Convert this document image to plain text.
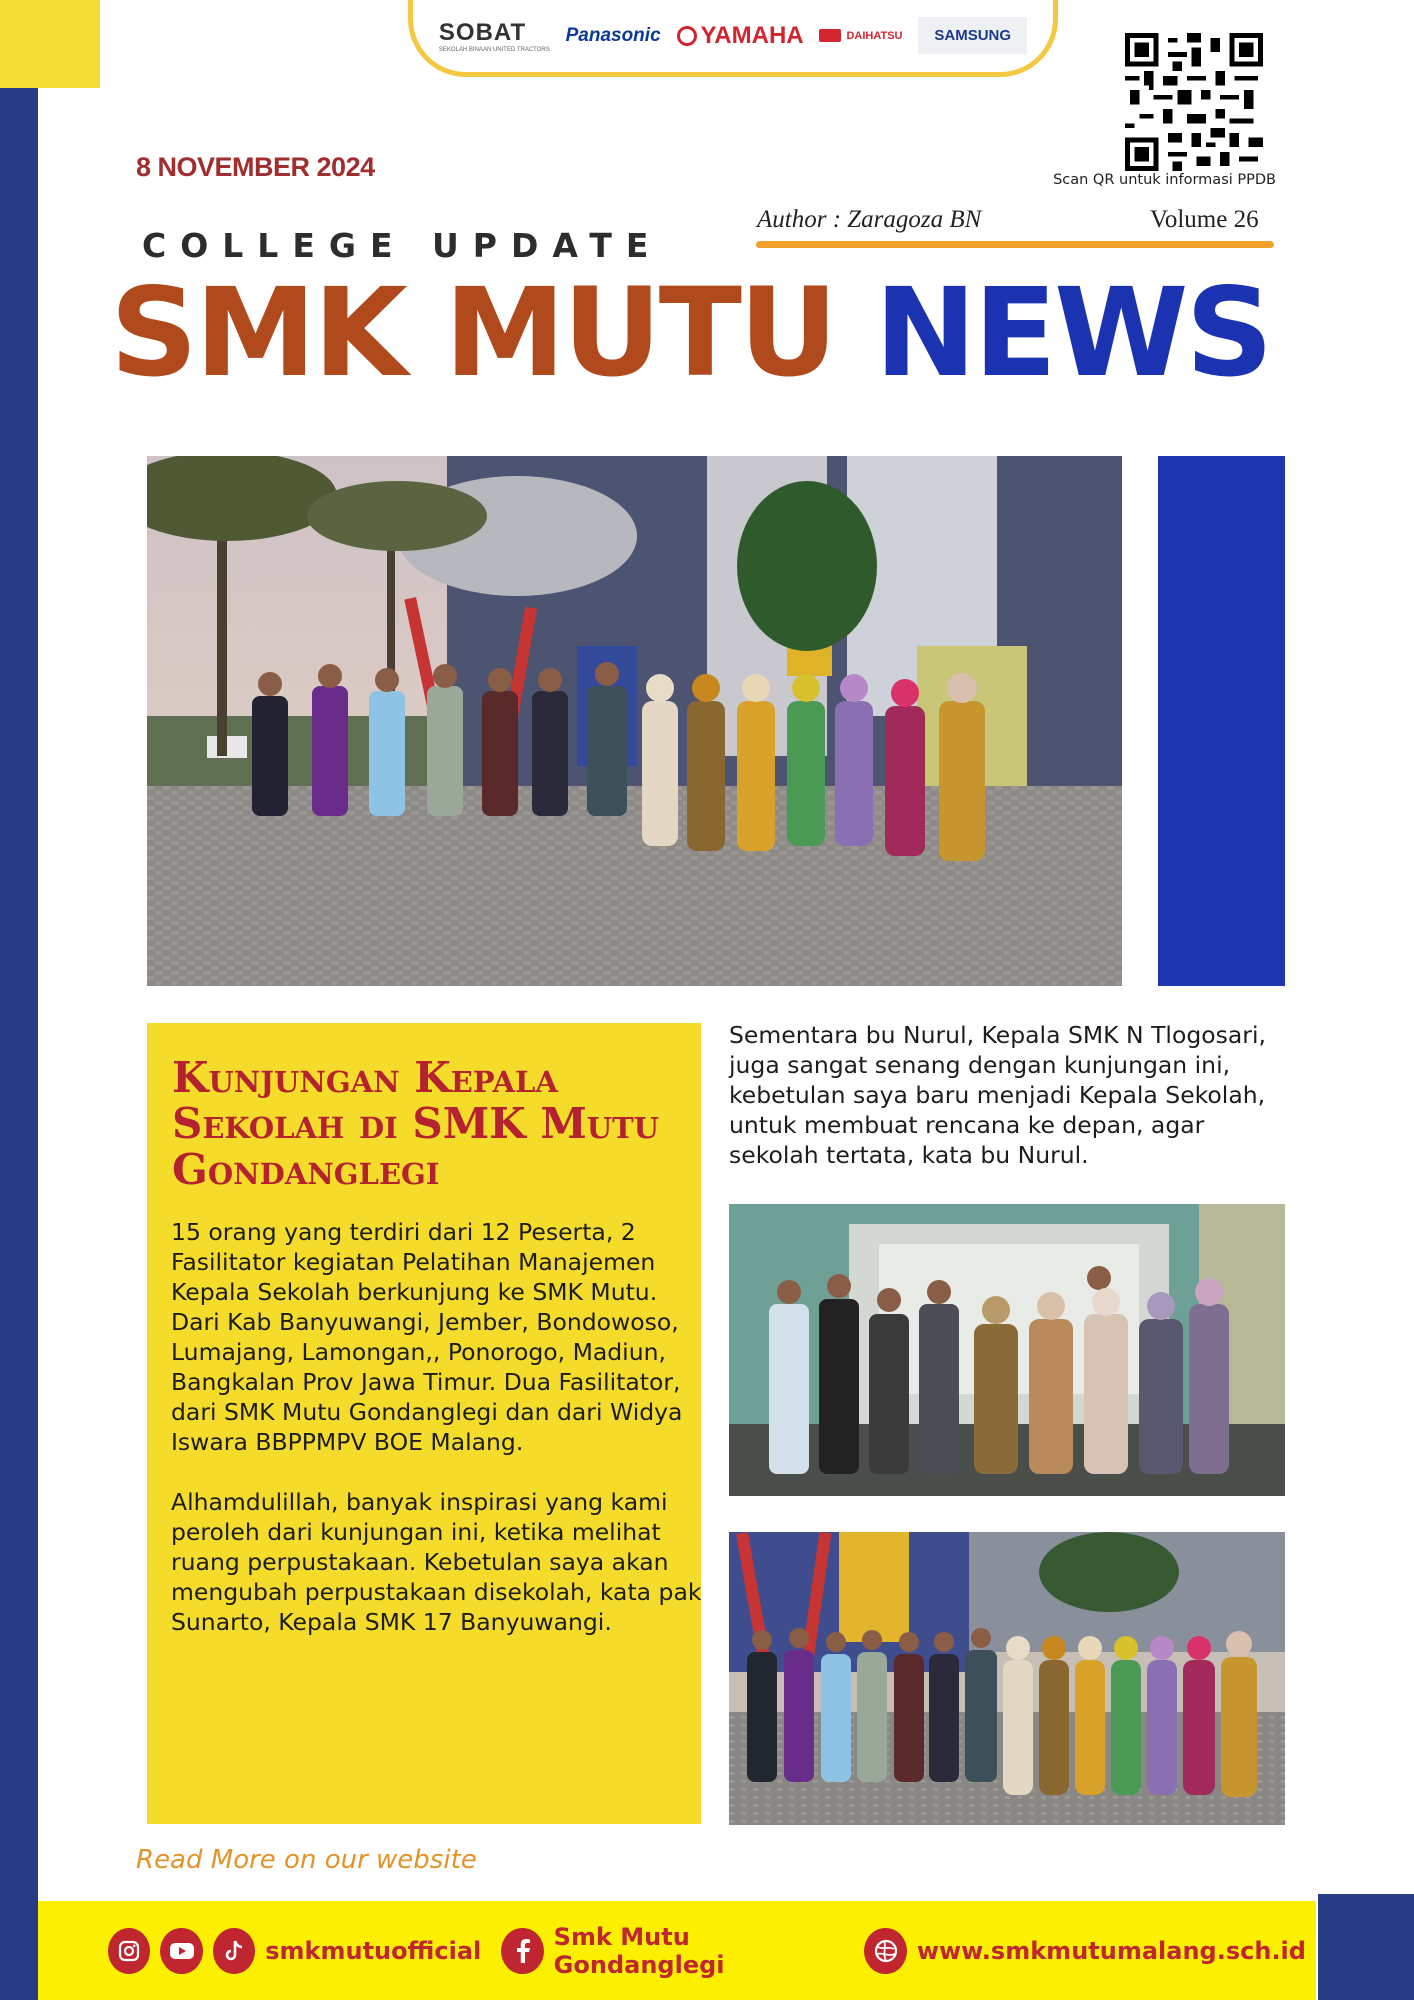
SOBAT
SEKOLAH BINAAN UNITED TRACTORS
Panasonic YAMAHA	DAIHATSU	SAMSUNG
Scan QR untuk informasi PPDB
8 NOVEMBER 2024
Author : Zaragoza BN	Volume 26
COLLEGE UPDATE
SMK MUTU NEWS
Kunjungan Kepala Sekolah di SMK Mutu Gondanglegi
15 orang yang terdiri dari 12 Peserta, 2 Fasilitator kegiatan Pelatihan Manajemen Kepala Sekolah berkunjung ke SMK Mutu.

Dari Kab Banyuwangi, Jember, Bondowoso, Lumajang, Lamongan,, Ponorogo, Madiun, Bangkalan Prov Jawa Timur. Dua Fasilitator, dari SMK Mutu Gondanglegi dan dari Widya Iswara BBPPMPV BOE Malang.

Alhamdulillah, banyak inspirasi yang kami peroleh dari kunjungan ini, ketika melihat ruang perpustakaan. Kebetulan saya akan mengubah perpustakaan disekolah, kata pak Sunarto, Kepala SMK 17 Banyuwangi.

Sementara bu Nurul, Kepala SMK N Tlogosari, juga sangat senang dengan kunjungan ini, kebetulan saya baru menjadi Kepala Sekolah, untuk membuat rencana ke depan, agar sekolah tertata, kata bu Nurul.
Read More on our website
smkmutuofficial	Smk Mutu Gondanglegi	www.smkmutumalang.sch.id
